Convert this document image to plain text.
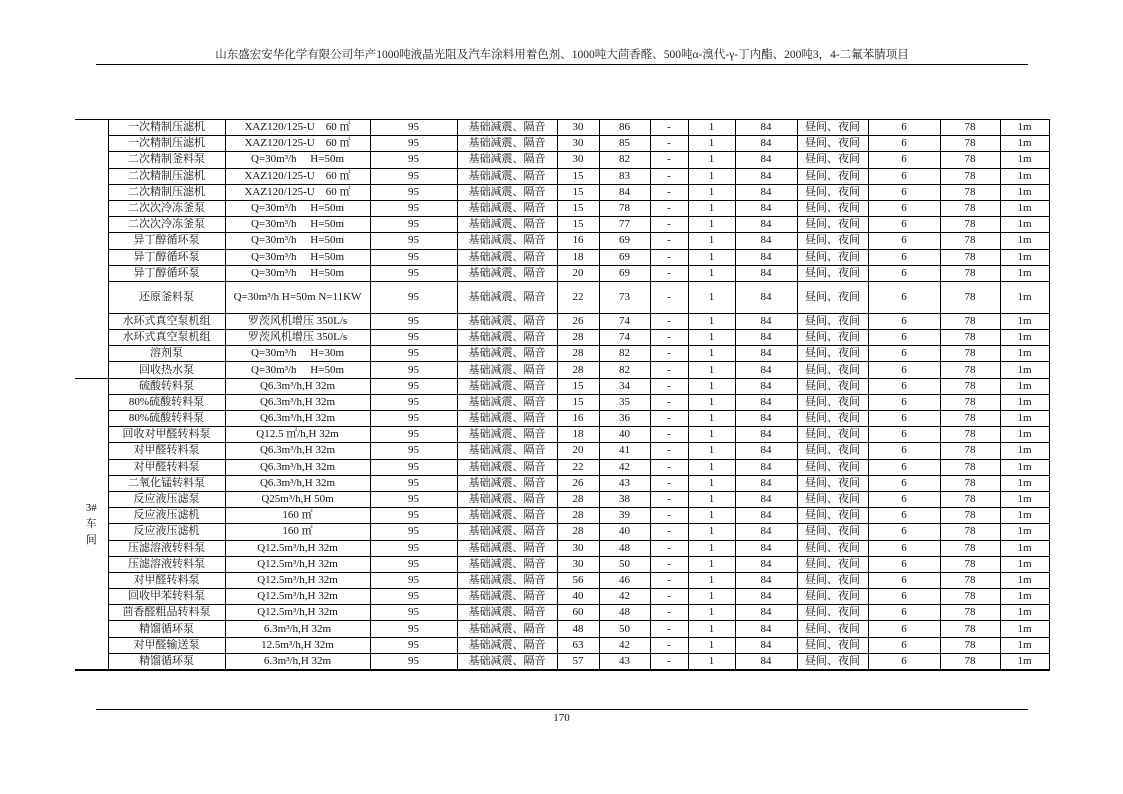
山东盛宏安华化学有限公司年产1000吨液晶光阻及汽车涂料用着色剂、1000吨大茴香醛、500吨α-溴代-γ-丁内酯、200吨3，4-二氟苯腈项目
	一次精制压滤机	XAZ120/125-U　60 ㎡	95	基础减震、隔音	30	86	-	1	84	昼间、夜间	6	78	1m
	一次精制压滤机	XAZ120/125-U　60 ㎡	95	基础减震、隔音	30	85	-	1	84	昼间、夜间	6	78	1m
	二次精制釜料泵	Q=30m³/h　 H=50m	95	基础减震、隔音	30	82	-	1	84	昼间、夜间	6	78	1m
	二次精制压滤机	XAZ120/125-U　60 ㎡	95	基础减震、隔音	15	83	-	1	84	昼间、夜间	6	78	1m
	二次精制压滤机	XAZ120/125-U　60 ㎡	95	基础减震、隔音	15	84	-	1	84	昼间、夜间	6	78	1m
	二次次冷冻釜泵	Q=30m³/h　 H=50m	95	基础减震、隔音	15	78	-	1	84	昼间、夜间	6	78	1m
	二次次冷冻釜泵	Q=30m³/h　 H=50m	95	基础减震、隔音	15	77	-	1	84	昼间、夜间	6	78	1m
	异丁醇循环泵	Q=30m³/h　 H=50m	95	基础减震、隔音	16	69	-	1	84	昼间、夜间	6	78	1m
	异丁醇循环泵	Q=30m³/h　 H=50m	95	基础减震、隔音	18	69	-	1	84	昼间、夜间	6	78	1m
	异丁醇循环泵	Q=30m³/h　 H=50m	95	基础减震、隔音	20	69	-	1	84	昼间、夜间	6	78	1m
	还原釜料泵	Q=30m³/h H=50m N=11KW	95	基础减震、隔音	22	73	-	1	84	昼间、夜间	6	78	1m
	水环式真空泵机组	罗茨风机增压 350L/s	95	基础减震、隔音	26	74	-	1	84	昼间、夜间	6	78	1m
	水环式真空泵机组	罗茨风机增压 350L/s	95	基础减震、隔音	28	74	-	1	84	昼间、夜间	6	78	1m
	溶剂泵	Q=30m³/h　 H=30m	95	基础减震、隔音	28	82	-	1	84	昼间、夜间	6	78	1m
	回收热水泵	Q=30m³/h　 H=50m	95	基础减震、隔音	28	82	-	1	84	昼间、夜间	6	78	1m
3#车间	硫酸转料泵	Q6.3m³/h,H 32m	95	基础减震、隔音	15	34	-	1	84	昼间、夜间	6	78	1m
	80%硫酸转料泵	Q6.3m³/h,H 32m	95	基础减震、隔音	15	35	-	1	84	昼间、夜间	6	78	1m
	80%硫酸转料泵	Q6.3m³/h,H 32m	95	基础减震、隔音	16	36	-	1	84	昼间、夜间	6	78	1m
	回收对甲醛转料泵	Q12.5 ㎡/h,H 32m	95	基础减震、隔音	18	40	-	1	84	昼间、夜间	6	78	1m
	对甲醛转料泵	Q6.3m³/h,H 32m	95	基础减震、隔音	20	41	-	1	84	昼间、夜间	6	78	1m
	对甲醛转料泵	Q6.3m³/h,H 32m	95	基础减震、隔音	22	42	-	1	84	昼间、夜间	6	78	1m
	二氧化锰转料泵	Q6.3m³/h,H 32m	95	基础减震、隔音	26	43	-	1	84	昼间、夜间	6	78	1m
	反应液压滤泵	Q25m³/h,H 50m	95	基础减震、隔音	28	38	-	1	84	昼间、夜间	6	78	1m
	反应液压滤机	160 ㎡	95	基础减震、隔音	28	39	-	1	84	昼间、夜间	6	78	1m
	反应液压滤机	160 ㎡	95	基础减震、隔音	28	40	-	1	84	昼间、夜间	6	78	1m
	压滤溶液转料泵	Q12.5m³/h,H 32m	95	基础减震、隔音	30	48	-	1	84	昼间、夜间	6	78	1m
	压滤溶液转料泵	Q12.5m³/h,H 32m	95	基础减震、隔音	30	50	-	1	84	昼间、夜间	6	78	1m
	对甲醛转料泵	Q12.5m³/h,H 32m	95	基础减震、隔音	56	46	-	1	84	昼间、夜间	6	78	1m
	回收甲苯转料泵	Q12.5m³/h,H 32m	95	基础减震、隔音	40	42	-	1	84	昼间、夜间	6	78	1m
	茴香醛粗品转料泵	Q12.5m³/h,H 32m	95	基础减震、隔音	60	48	-	1	84	昼间、夜间	6	78	1m
	精馏循环泵	6.3m³/h,H 32m	95	基础减震、隔音	48	50	-	1	84	昼间、夜间	6	78	1m
	对甲醛输送泵	12.5m³/h,H 32m	95	基础减震、隔音	63	42	-	1	84	昼间、夜间	6	78	1m
	精馏循环泵	6.3m³/h,H 32m	95	基础减震、隔音	57	43	-	1	84	昼间、夜间	6	78	1m
170
